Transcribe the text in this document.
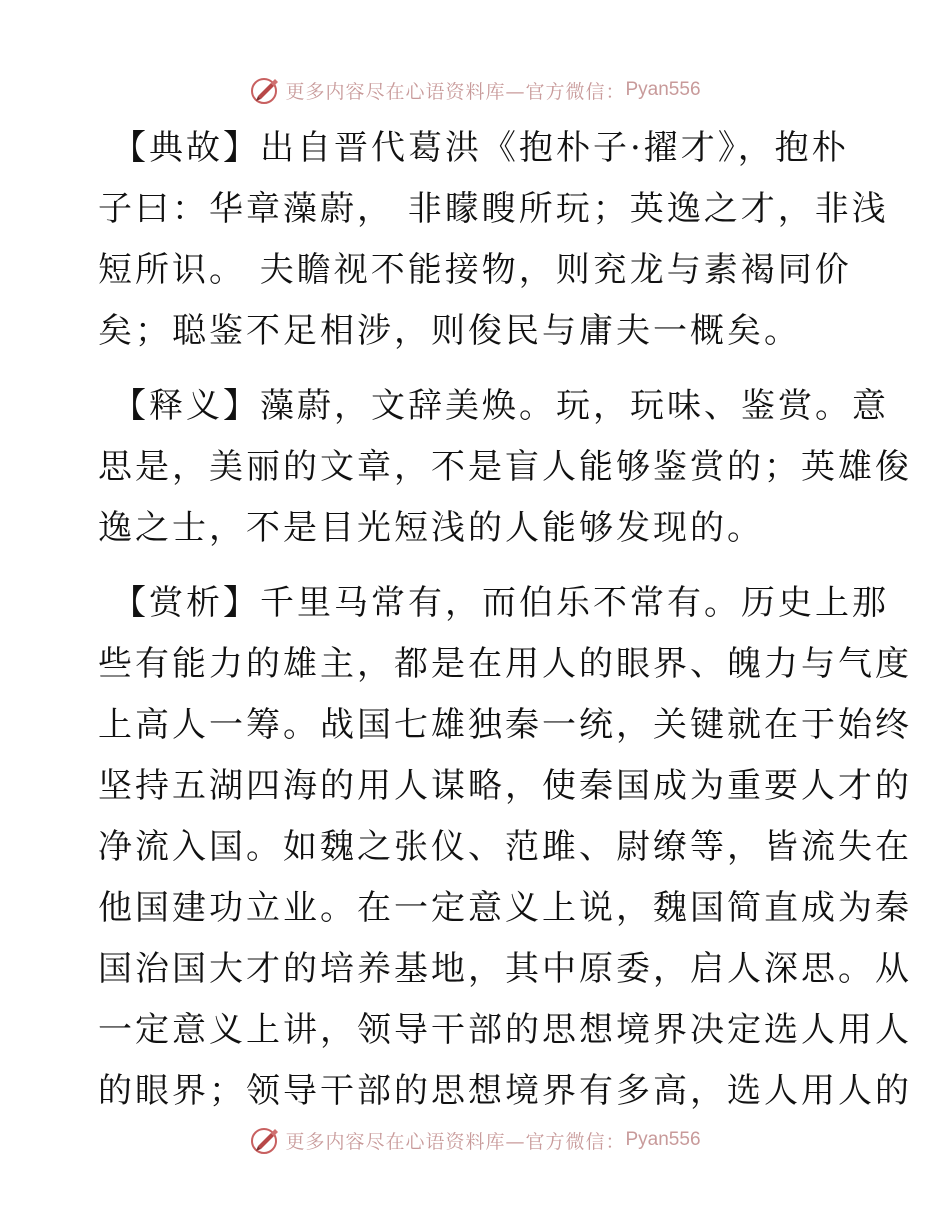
更多内容尽在心语资料库—官方微信： Pyan556
【典故】出自晋代葛洪《抱朴子·擢才》，抱朴
子曰：华章藻蔚， 非矇瞍所玩；英逸之才，非浅
短所识。 夫瞻视不能接物，则兖龙与素褐同价
矣；聪鉴不足相涉，则俊民与庸夫一概矣。
【释义】藻蔚，文辞美焕。玩，玩味、鉴赏。意
思是，美丽的文章，不是盲人能够鉴赏的；英雄俊
逸之士，不是目光短浅的人能够发现的。
【赏析】千里马常有，而伯乐不常有。历史上那
些有能力的雄主，都是在用人的眼界、魄力与气度
上高人一筹。战国七雄独秦一统，关键就在于始终
坚持五湖四海的用人谋略，使秦国成为重要人才的
净流入国。如魏之张仪、范雎、尉缭等，皆流失在
他国建功立业。在一定意义上说，魏国简直成为秦
国治国大才的培养基地，其中原委，启人深思。从
一定意义上讲，领导干部的思想境界决定选人用人
的眼界；领导干部的思想境界有多高，选人用人的
更多内容尽在心语资料库—官方微信： Pyan556
